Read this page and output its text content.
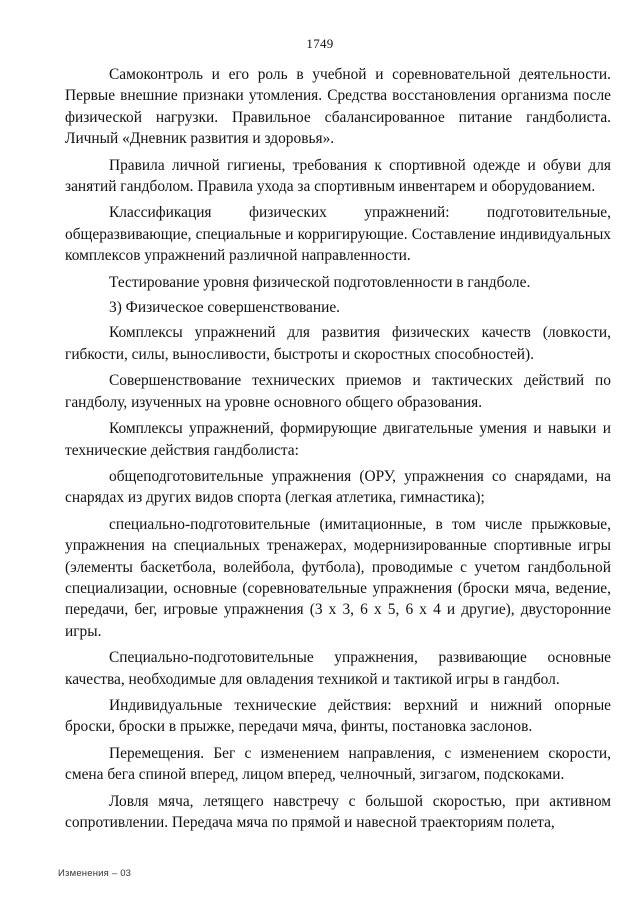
1749

Самоконтроль и его роль в учебной и соревновательной деятельности. Первые внешние признаки утомления. Средства восстановления организма после физической нагрузки. Правильное сбалансированное питание гандболиста. Личный «Дневник развития и здоровья».

Правила личной гигиены, требования к спортивной одежде и обуви для занятий гандболом. Правила ухода за спортивным инвентарем и оборудованием.

Классификация физических упражнений: подготовительные, общеразвивающие, специальные и корригирующие. Составление индивидуальных комплексов упражнений различной направленности.

Тестирование уровня физической подготовленности в гандболе.

3) Физическое совершенствование.

Комплексы упражнений для развития физических качеств (ловкости, гибкости, силы, выносливости, быстроты и скоростных способностей).

Совершенствование технических приемов и тактических действий по гандболу, изученных на уровне основного общего образования.

Комплексы упражнений, формирующие двигательные умения и навыки и технические действия гандболиста:

общеподготовительные упражнения (ОРУ, упражнения со снарядами, на снарядах из других видов спорта (легкая атлетика, гимнастика);

специально-подготовительные (имитационные, в том числе прыжковые, упражнения на специальных тренажерах, модернизированные спортивные игры (элементы баскетбола, волейбола, футбола), проводимые с учетом гандбольной специализации, основные (соревновательные упражнения (броски мяча, ведение, передачи, бег, игровые упражнения (3 х 3, 6 х 5, 6 х 4 и другие), двусторонние игры.

Специально-подготовительные упражнения, развивающие основные качества, необходимые для овладения техникой и тактикой игры в гандбол.

Индивидуальные технические действия: верхний и нижний опорные броски, броски в прыжке, передачи мяча, финты, постановка заслонов.

Перемещения. Бег с изменением направления, с изменением скорости, смена бега спиной вперед, лицом вперед, челночный, зигзагом, подскоками.

Ловля мяча, летящего навстречу с большой скоростью, при активном сопротивлении. Передача мяча по прямой и навесной траекториям полета,

Изменения – 03
